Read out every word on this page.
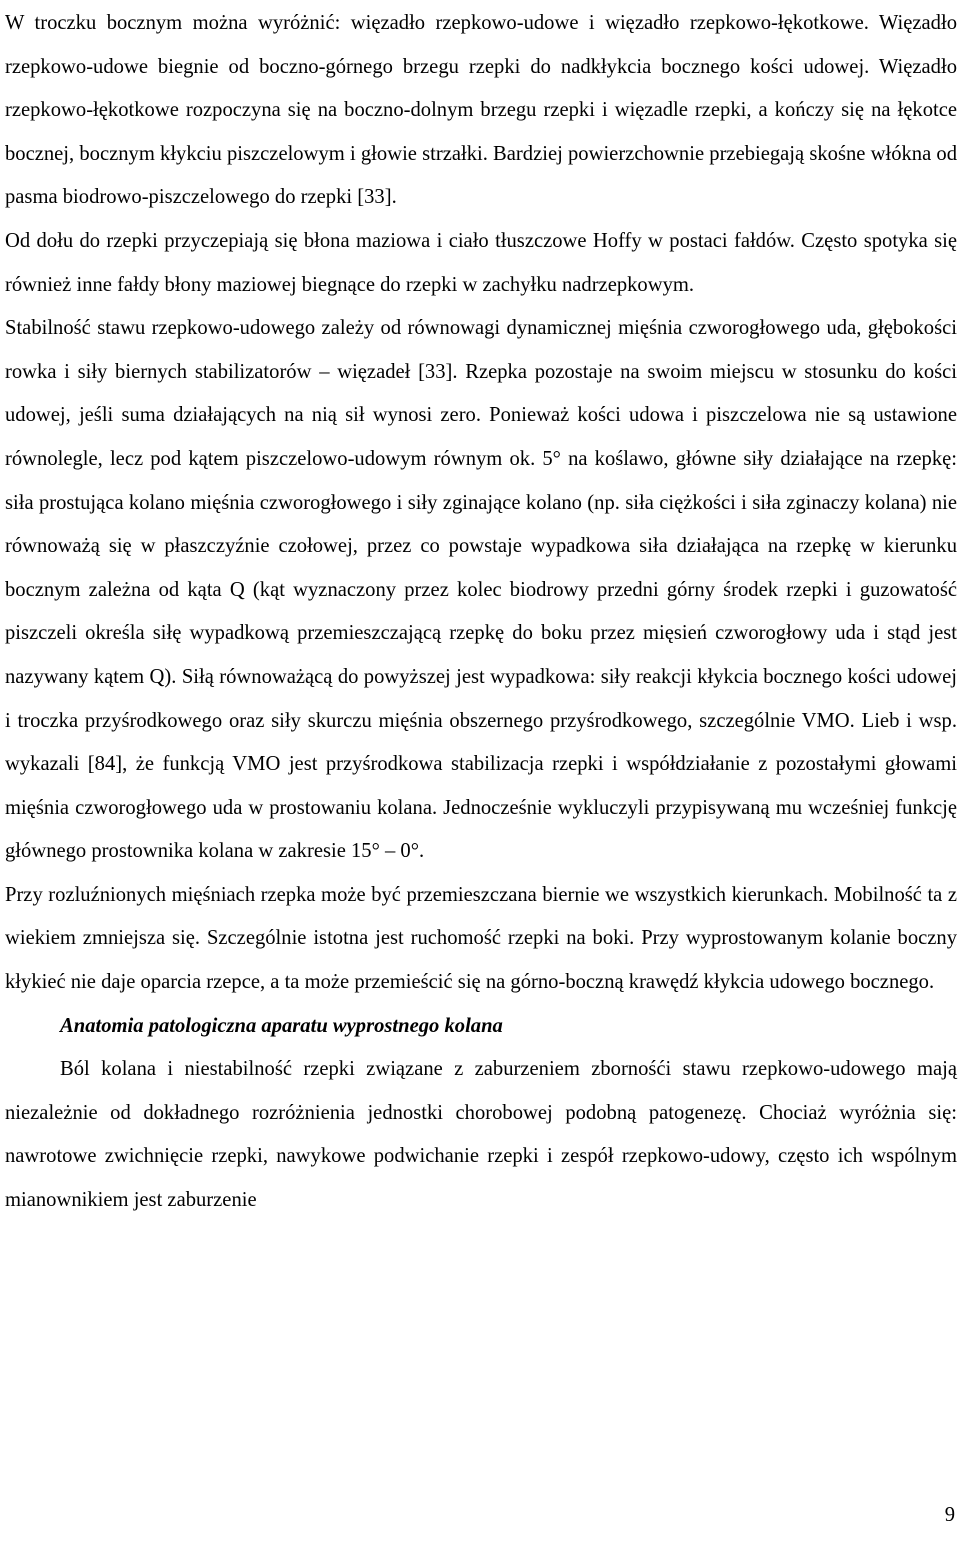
W troczku bocznym można wyróżnić: więzadło rzepkowo-udowe i więzadło rzepkowo-łękotkowe. Więzadło rzepkowo-udowe biegnie od boczno-górnego brzegu rzepki do nadkłykcia bocznego kości udowej. Więzadło rzepkowo-łękotkowe rozpoczyna się na boczno-dolnym brzegu rzepki i więzadle rzepki, a kończy się na łękotce bocznej, bocznym kłykciu piszczelowym i głowie strzałki. Bardziej powierzchownie przebiegają skośne włókna od pasma biodrowo-piszczelowego do rzepki [33].

Od dołu do rzepki przyczepiają się błona maziowa i ciało tłuszczowe Hoffy w postaci fałdów. Często spotyka się również inne fałdy błony maziowej biegnące do rzepki w zachyłku nadrzepkowym.

Stabilność stawu rzepkowo-udowego zależy od równowagi dynamicznej mięśnia czworogłowego uda, głębokości rowka i siły biernych stabilizatorów – więzadeł [33]. Rzepka pozostaje na swoim miejscu w stosunku do kości udowej, jeśli suma działających na nią sił wynosi zero. Ponieważ kości udowa i piszczelowa nie są ustawione równolegle, lecz pod kątem piszczelowo-udowym równym ok. 5° na koślawo, główne siły działające na rzepkę: siła prostująca kolano mięśnia czworogłowego i siły zginające kolano (np. siła ciężkości i siła zginaczy kolana) nie równoważą się w płaszczyźnie czołowej, przez co powstaje wypadkowa siła działająca na rzepkę w kierunku bocznym zależna od kąta Q (kąt wyznaczony przez kolec biodrowy przedni górny środek rzepki i guzowatość piszczeli określa siłę wypadkową przemieszczającą rzepkę do boku przez mięsień czworogłowy uda i stąd jest nazywany kątem Q). Siłą równoważącą do powyższej jest wypadkowa: siły reakcji kłykcia bocznego kości udowej i troczka przyśrodkowego oraz siły skurczu mięśnia obszernego przyśrodkowego, szczególnie VMO. Lieb i wsp. wykazali [84], że funkcją VMO jest przyśrodkowa stabilizacja rzepki i współdziałanie z pozostałymi głowami mięśnia czworogłowego uda w prostowaniu kolana. Jednocześnie wykluczyli przypisywaną mu wcześniej funkcję głównego prostownika kolana w zakresie 15° – 0°.

Przy rozluźnionych mięśniach rzepka może być przemieszczana biernie we wszystkich kierunkach. Mobilność ta z wiekiem zmniejsza się. Szczególnie istotna jest ruchomość rzepki na boki. Przy wyprostowanym kolanie boczny kłykieć nie daje oparcia rzepce, a ta może przemieścić się na górno-boczną krawędź kłykcia udowego bocznego.

Anatomia patologiczna aparatu wyprostnego kolana

Ból kolana i niestabilność rzepki związane z zaburzeniem zbornośći stawu rzepkowo-udowego mają niezależnie od dokładnego rozróżnienia jednostki chorobowej podobną patogenezę. Chociaż wyróżnia się: nawrotowe zwichnięcie rzepki, nawykowe podwichanie rzepki i zespół rzepkowo-udowy, często ich wspólnym mianownikiem jest zaburzenie

9
